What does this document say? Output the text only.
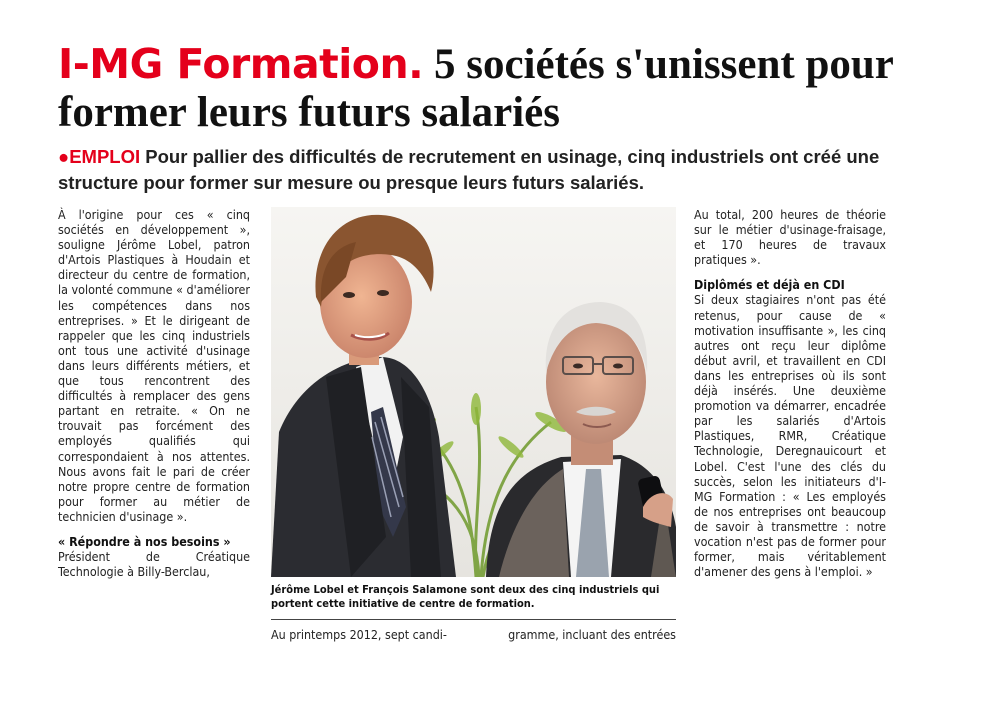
I-MG Formation. 5 sociétés s'unissent pour former leurs futurs salariés

●EMPLOI Pour pallier des difficultés de recrutement en usinage, cinq industriels ont créé une structure pour former sur mesure ou presque leurs futurs salariés.

À l'origine pour ces « cinq sociétés en développement », souligne Jérôme Lobel, patron d'Artois Plastiques à Houdain et directeur du centre de formation, la volonté commune « d'améliorer les compétences dans nos entreprises. » Et le dirigeant de rappeler que les cinq industriels ont tous une activité d'usinage dans leurs différents métiers, et que tous rencontrent des difficultés à remplacer des gens partant en retraite. « On ne trouvait pas forcément des employés qualifiés qui correspondaient à nos attentes. Nous avons fait le pari de créer notre propre centre de formation pour former au métier de technicien d'usinage ».

« Répondre à nos besoins »

Président de Créatique Technologie à Billy-Berclau,

Jérôme Lobel et François Salamone sont deux des cinq industriels qui portent cette initiative de centre de formation.

Au printemps 2012, sept candi-	gramme, incluant des entrées

Au total, 200 heures de théorie sur le métier d'usinage-fraisage, et 170 heures de travaux pratiques ».

Diplômés et déjà en CDI

Si deux stagiaires n'ont pas été retenus, pour cause de « motivation insuffisante », les cinq autres ont reçu leur diplôme début avril, et travaillent en CDI dans les entreprises où ils sont déjà insérés. Une deuxième promotion va démarrer, encadrée par les salariés d'Artois Plastiques, RMR, Créatique Technologie, Deregnauicourt et Lobel. C'est l'une des clés du succès, selon les initiateurs d'I-MG Formation : « Les employés de nos entreprises ont beaucoup de savoir à transmettre : notre vocation n'est pas de former pour former, mais véritablement d'amener des gens à l'emploi. »
